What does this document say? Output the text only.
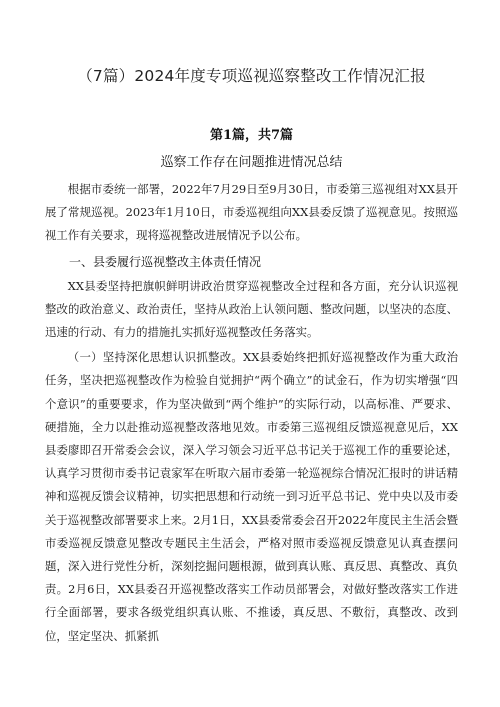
（7篇）2024年度专项巡视巡察整改工作情况汇报
第1篇，共7篇
巡察工作存在问题推进情况总结

根据市委统一部署，2022年7月29日至9月30日，市委第三巡视组对XX县开展了常规巡视。2023年1月10日，市委巡视组向XX县委反馈了巡视意见。按照巡视工作有关要求，现将巡视整改进展情况予以公布。

一、县委履行巡视整改主体责任情况

XX县委坚持把旗帜鲜明讲政治贯穿巡视整改全过程和各方面，充分认识巡视整改的政治意义、政治责任，坚持从政治上认领问题、整改问题，以坚决的态度、迅速的行动、有力的措施扎实抓好巡视整改任务落实。

（一）坚持深化思想认识抓整改。XX县委始终把抓好巡视整改作为重大政治任务，坚决把巡视整改作为检验自觉拥护“两个确立”的试金石，作为切实增强“四个意识”的重要要求，作为坚决做到“两个维护”的实际行动，以高标准、严要求、硬措施，全力以赴推动巡视整改落地见效。市委第三巡视组反馈巡视意见后，XX县委廖即召开常委会会议，深入学习领会习近平总书记关于巡视工作的重要论述，认真学习贯彻市委书记袁家军在听取六届市委第一轮巡视综合情况汇报时的讲话精神和巡视反馈会议精神，切实把思想和行动统一到习近平总书记、党中央以及市委关于巡视整改部署要求上来。2月1日，XX县委常委会召开2022年度民主生活会暨市委巡视反馈意见整改专题民主生活会，严格对照市委巡视反馈意见认真查摆问题，深入进行党性分析，深刻挖掘问题根源，做到真认账、真反思、真整改、真负责。2月6日，XX县委召开巡视整改落实工作动员部署会，对做好整改落实工作进行全面部署，要求各级党组织真认账、不推诿，真反思、不敷衍，真整改、改到位，坚定坚决、抓紧抓
